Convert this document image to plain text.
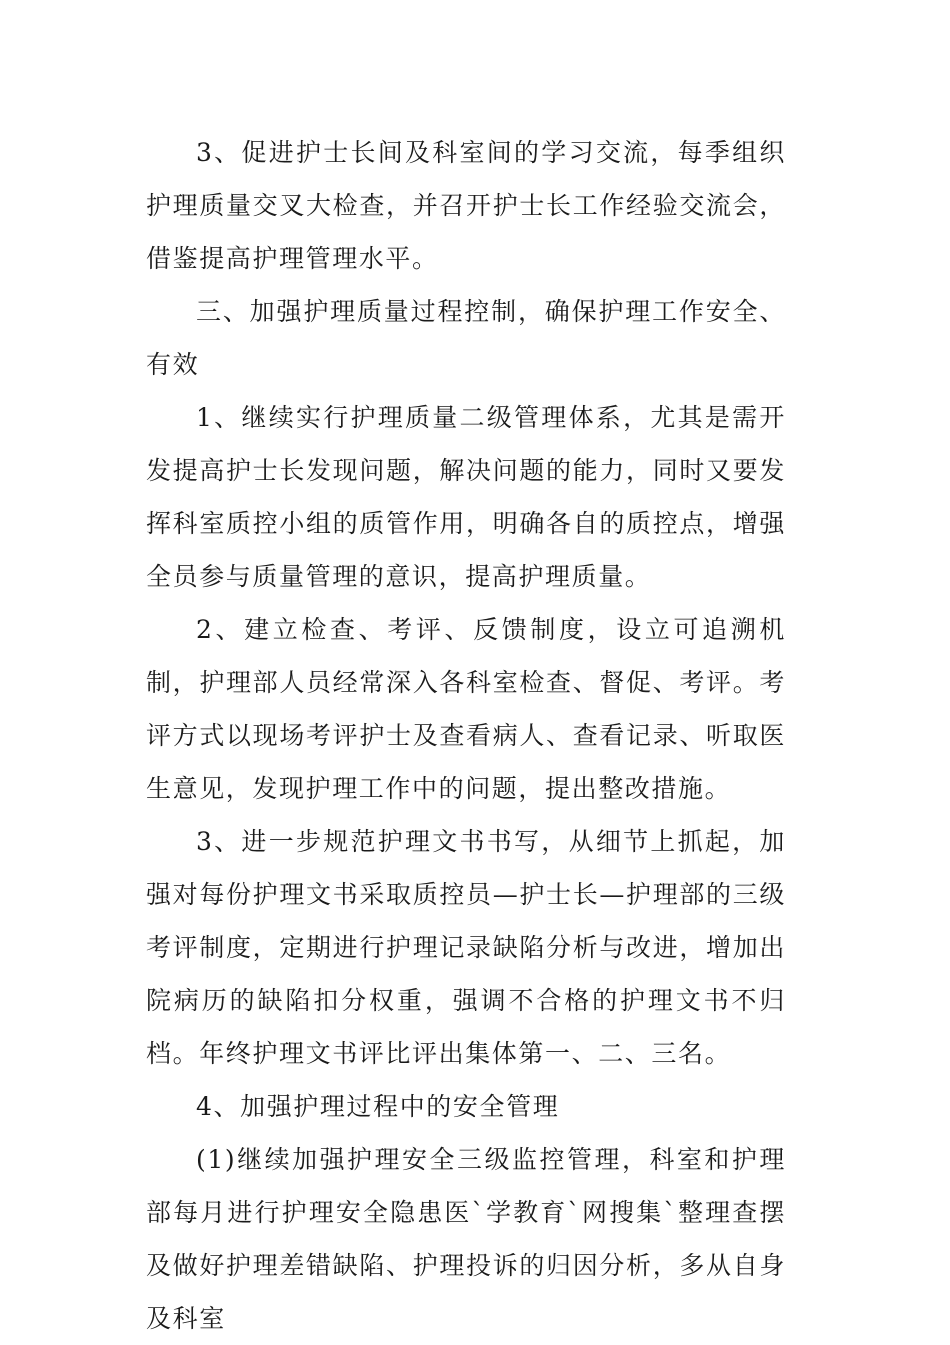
3、促进护士长间及科室间的学习交流，每季组织护理质量交叉大检查，并召开护士长工作经验交流会，借鉴提高护理管理水平。

三、加强护理质量过程控制，确保护理工作安全、有效

1、继续实行护理质量二级管理体系，尤其是需开发提高护士长发现问题，解决问题的能力，同时又要发挥科室质控小组的质管作用，明确各自的质控点，增强全员参与质量管理的意识，提高护理质量。

2、建立检查、考评、反馈制度，设立可追溯机制，护理部人员经常深入各科室检查、督促、考评。考评方式以现场考评护士及查看病人、查看记录、听取医生意见，发现护理工作中的问题，提出整改措施。

3、进一步规范护理文书书写，从细节上抓起，加强对每份护理文书采取质控员—护士长—护理部的三级考评制度，定期进行护理记录缺陷分析与改进，增加出院病历的缺陷扣分权重，强调不合格的护理文书不归档。年终护理文书评比评出集体第一、二、三名。

4、加强护理过程中的安全管理

(1)继续加强护理安全三级监控管理，科室和护理部每月进行护理安全隐患医`学教育`网搜集`整理查摆及做好护理差错缺陷、护理投诉的归因分析，多从自身及科室
